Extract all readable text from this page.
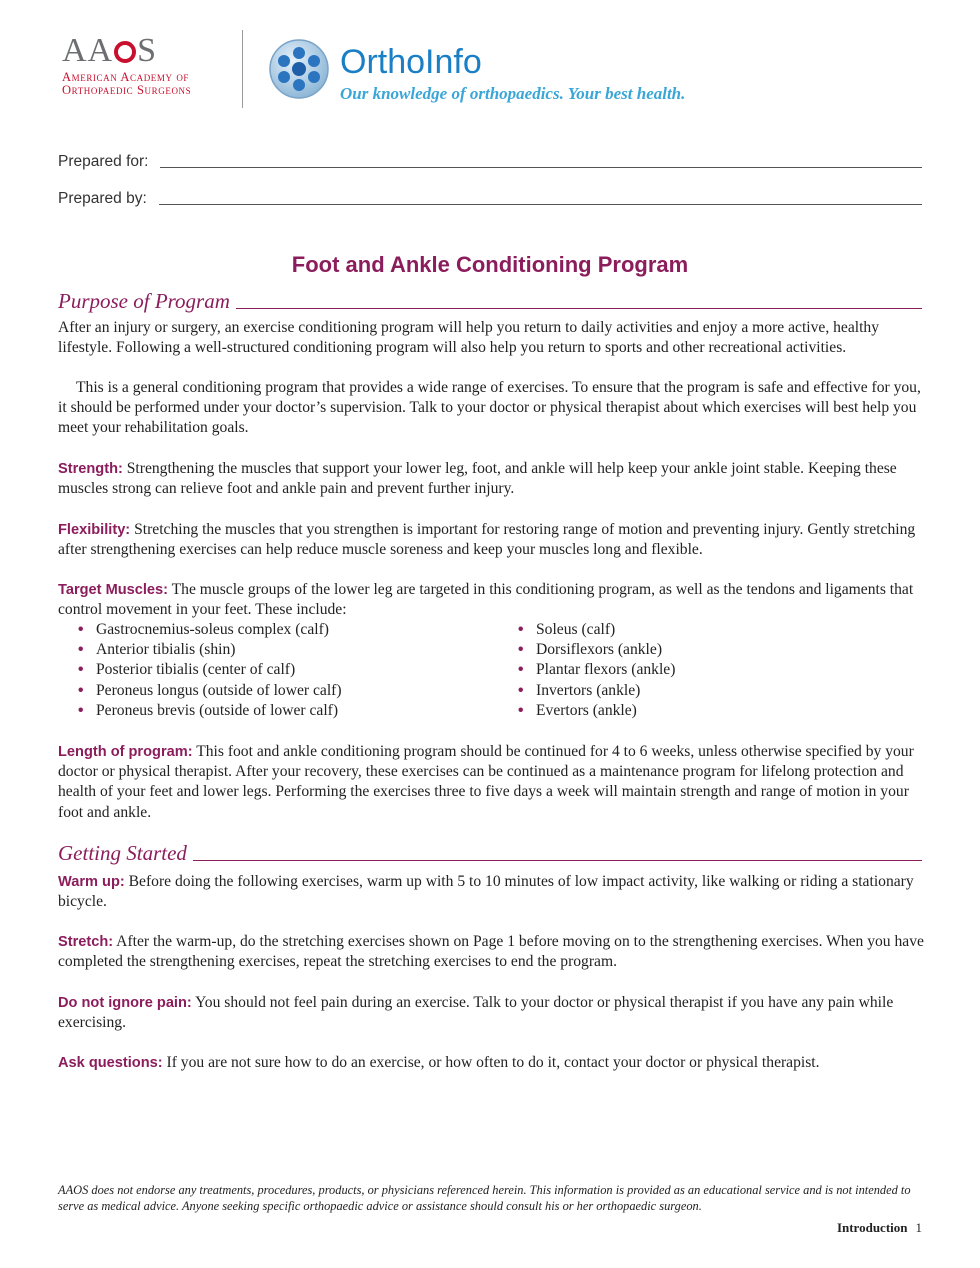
AA S
American Academy of
Orthopaedic Surgeons
OrthoInfo
Our knowledge of orthopaedics. Your best health.
Prepared for:
Prepared by:
Foot and Ankle Conditioning Program
Purpose of Program

After an injury or surgery, an exercise conditioning program will help you return to daily activities and enjoy a more active, healthy lifestyle. Following a well-structured conditioning program will also help you return to sports and other recreational activities.

This is a general conditioning program that provides a wide range of exercises. To ensure that the program is safe and effective for you, it should be performed under your doctor’s supervision. Talk to your doctor or physical therapist about which exercises will best help you meet your rehabilitation goals.

Strength: Strengthening the muscles that support your lower leg, foot, and ankle will help keep your ankle joint stable. Keeping these muscles strong can relieve foot and ankle pain and prevent further injury.

Flexibility: Stretching the muscles that you strengthen is important for restoring range of motion and preventing injury. Gently stretching after strengthening exercises can help reduce muscle soreness and keep your muscles long and flexible.

Target Muscles: The muscle groups of the lower leg are targeted in this conditioning program, as well as the tendons and ligaments that control movement in your feet. These include:

• Gastrocnemius-soleus complex (calf)
• Anterior tibialis (shin)
• Posterior tibialis (center of calf)
• Peroneus longus (outside of lower calf)
• Peroneus brevis (outside of lower calf)
• Soleus (calf)
• Dorsiflexors (ankle)
• Plantar flexors (ankle)
• Invertors (ankle)
• Evertors (ankle)

Length of program: This foot and ankle conditioning program should be continued for 4 to 6 weeks, unless otherwise specified by your doctor or physical therapist. After your recovery, these exercises can be continued as a maintenance program for lifelong protection and health of your feet and lower legs. Performing the exercises three to five days a week will maintain strength and range of motion in your foot and ankle.

Getting Started

Warm up: Before doing the following exercises, warm up with 5 to 10 minutes of low impact activity, like walking or riding a stationary bicycle.

Stretch: After the warm-up, do the stretching exercises shown on Page 1 before moving on to the strengthening exercises. When you have completed the strengthening exercises, repeat the stretching exercises to end the program.

Do not ignore pain: You should not feel pain during an exercise. Talk to your doctor or physical therapist if you have any pain while exercising.

Ask questions: If you are not sure how to do an exercise, or how often to do it, contact your doctor or physical therapist.

AAOS does not endorse any treatments, procedures, products, or physicians referenced herein. This information is provided as an educational service and is not intended to serve as medical advice. Anyone seeking specific orthopaedic advice or assistance should consult his or her orthopaedic surgeon.

Introduction 1
